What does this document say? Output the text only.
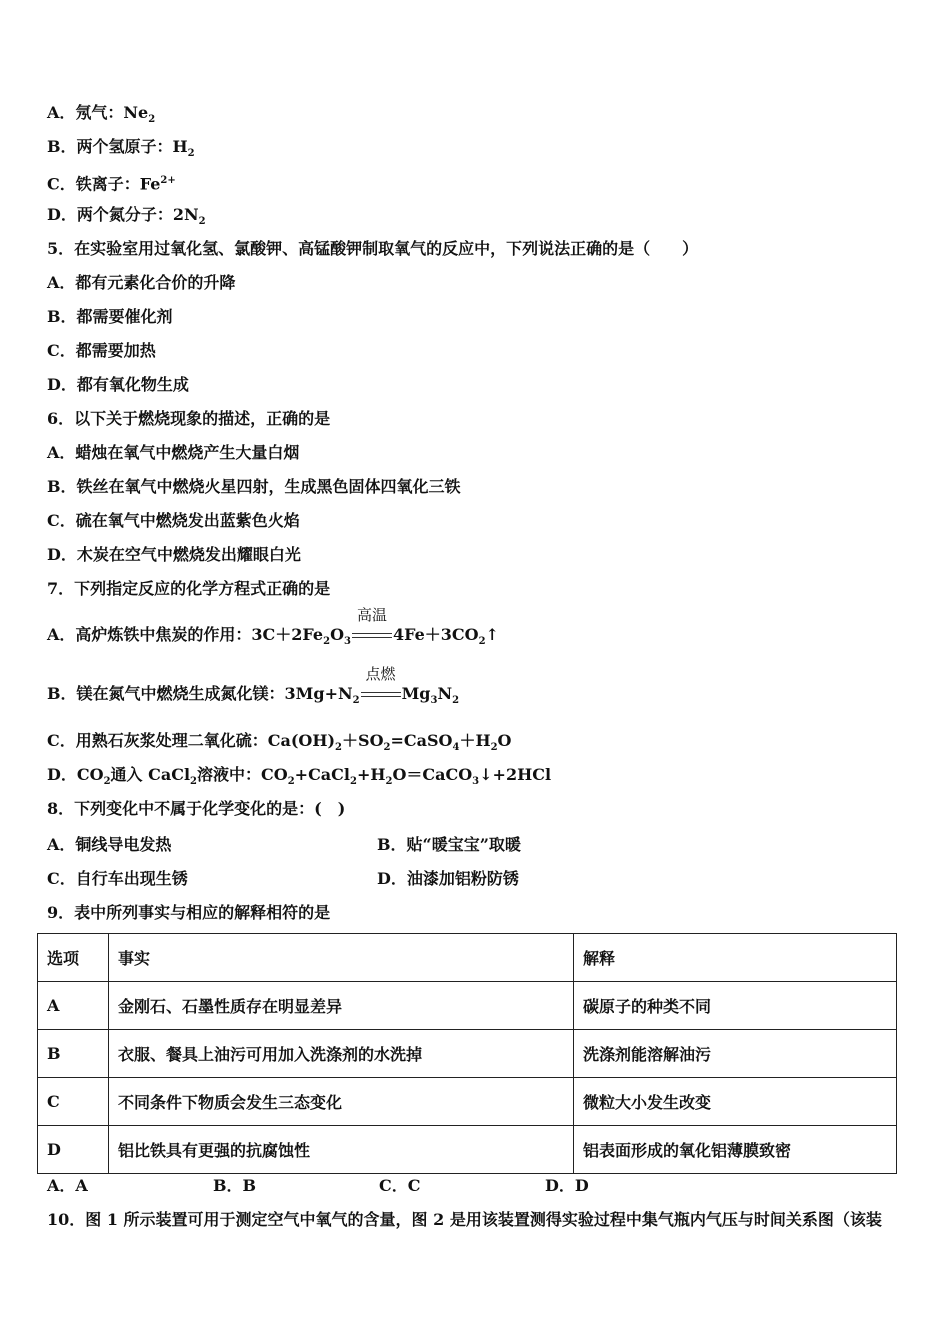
A．氖气：$Ne_2$
B．两个氢原子：$H_2$
C．铁离子：$Fe^{2+}$
D．两个氮分子：$2N_2$
5．在实验室用过氧化氢、氯酸钾、高锰酸钾制取氧气的反应中，下列说法正确的是（　　）
A．都有元素化合价的升降
B．都需要催化剂
C．都需要加热
D．都有氧化物生成
6．以下关于燃烧现象的描述，正确的是
A．蜡烛在氧气中燃烧产生大量白烟
B．铁丝在氧气中燃烧火星四射，生成黑色固体四氧化三铁
C．硫在氧气中燃烧发出蓝紫色火焰
D．木炭在空气中燃烧发出耀眼白光
7．下列指定反应的化学方程式正确的是
A．高炉炼铁中焦炭的作用：$3C+2Fe_2O_3$
高温
$4Fe+3CO_2↑$
B．镁在氮气中燃烧生成氮化镁：$3Mg+N_2$
点燃
$Mg_3N_2$
C．用熟石灰浆处理二氧化硫：$Ca(OH)_2+SO_2=CaSO_4+H_2O$
D．$CO_2$通入 CaCl$_2$溶液中：$CO_2+CaCl_2+H_2O=CaCO_3↓+2HCl$
8．下列变化中不属于化学变化的是：(　)
A．铜线导电发热	B．贴“暖宝宝”取暖
C．自行车出现生锈	D．油漆加铝粉防锈
9．表中所列事实与相应的解释相符的是
选项	事实	解释
A	金刚石、石墨性质存在明显差异	碳原子的种类不同
B	衣服、餐具上油污可用加入洗涤剂的水洗掉	洗涤剂能溶解油污
C	不同条件下物质会发生三态变化	微粒大小发生改变
D	铝比铁具有更强的抗腐蚀性	铝表面形成的氧化铝薄膜致密
A．A	B．B	C．C	D．D
10．图 1 所示装置可用于测定空气中氧气的含量，图 2 是用该装置测得实验过程中集气瓶内气压与时间关系图（该装
